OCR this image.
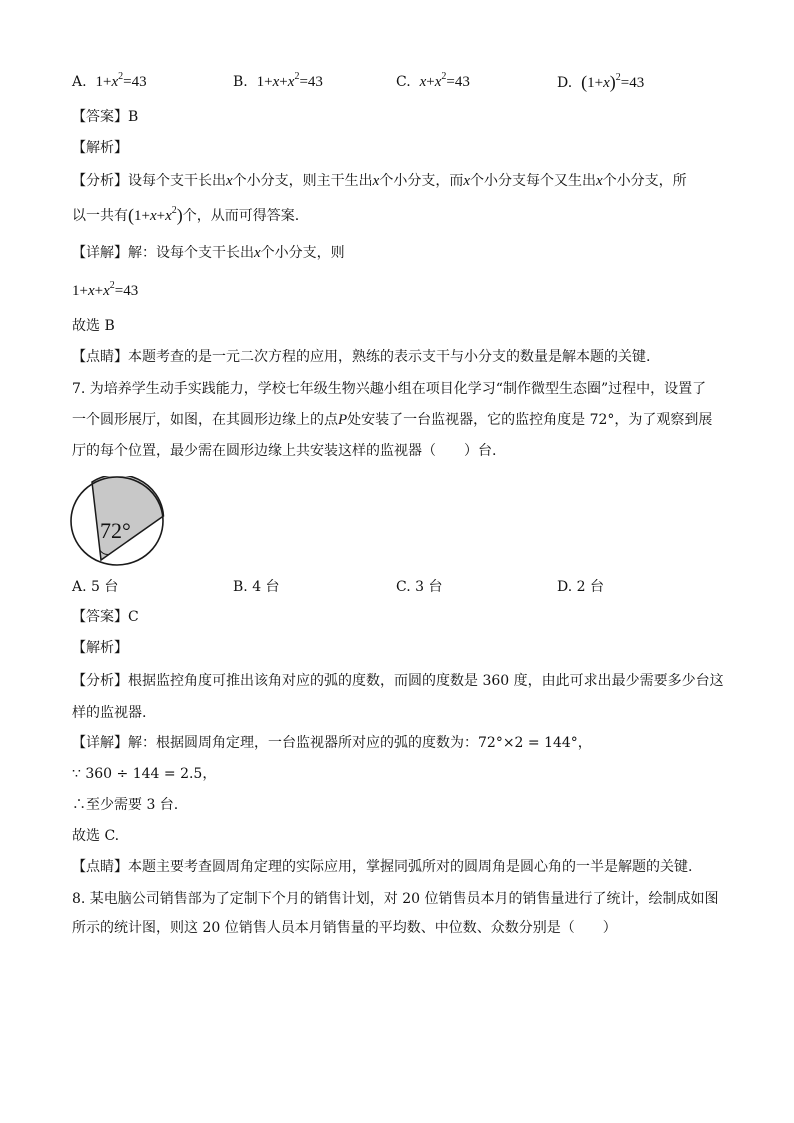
A. $1+x^2=43$	B. $1+x+x^2=43$	C. $x+x^2=43$	D. $(1+x)^2=43$
【答案】B
【解析】
【分析】设每个支干长出x个小分支，则主干生出x个小分支，而x个小分支每个又生出x个小分支，所
以一共有$(1+x+x^2)$个，从而可得答案.
【详解】解：设每个支干长出x个小分支，则
$1+x+x^2=43$
故选 B
【点睛】本题考查的是一元二次方程的应用，熟练的表示支干与小分支的数量是解本题的关键.
7. 为培养学生动手实践能力，学校七年级生物兴趣小组在项目化学习“制作微型生态圈”过程中，设置了
一个圆形展厅，如图，在其圆形边缘上的点P处安装了一台监视器，它的监控角度是 72°，为了观察到展
厅的每个位置，最少需在圆形边缘上共安装这样的监视器（　　）台.
72°
A. 5 台	B. 4 台	C. 3 台	D. 2 台
【答案】C
【解析】
【分析】根据监控角度可推出该角对应的弧的度数，而圆的度数是 360 度，由此可求出最少需要多少台这
样的监视器.
【详解】解：根据圆周角定理，一台监视器所对应的弧的度数为：72°×2 = 144°，
∵ 360 ÷ 144 = 2.5，
∴至少需要 3 台.
故选 C.
【点睛】本题主要考查圆周角定理的实际应用，掌握同弧所对的圆周角是圆心角的一半是解题的关键.
8. 某电脑公司销售部为了定制下个月的销售计划，对 20 位销售员本月的销售量进行了统计，绘制成如图
所示的统计图，则这 20 位销售人员本月销售量的平均数、中位数、众数分别是（　　）
